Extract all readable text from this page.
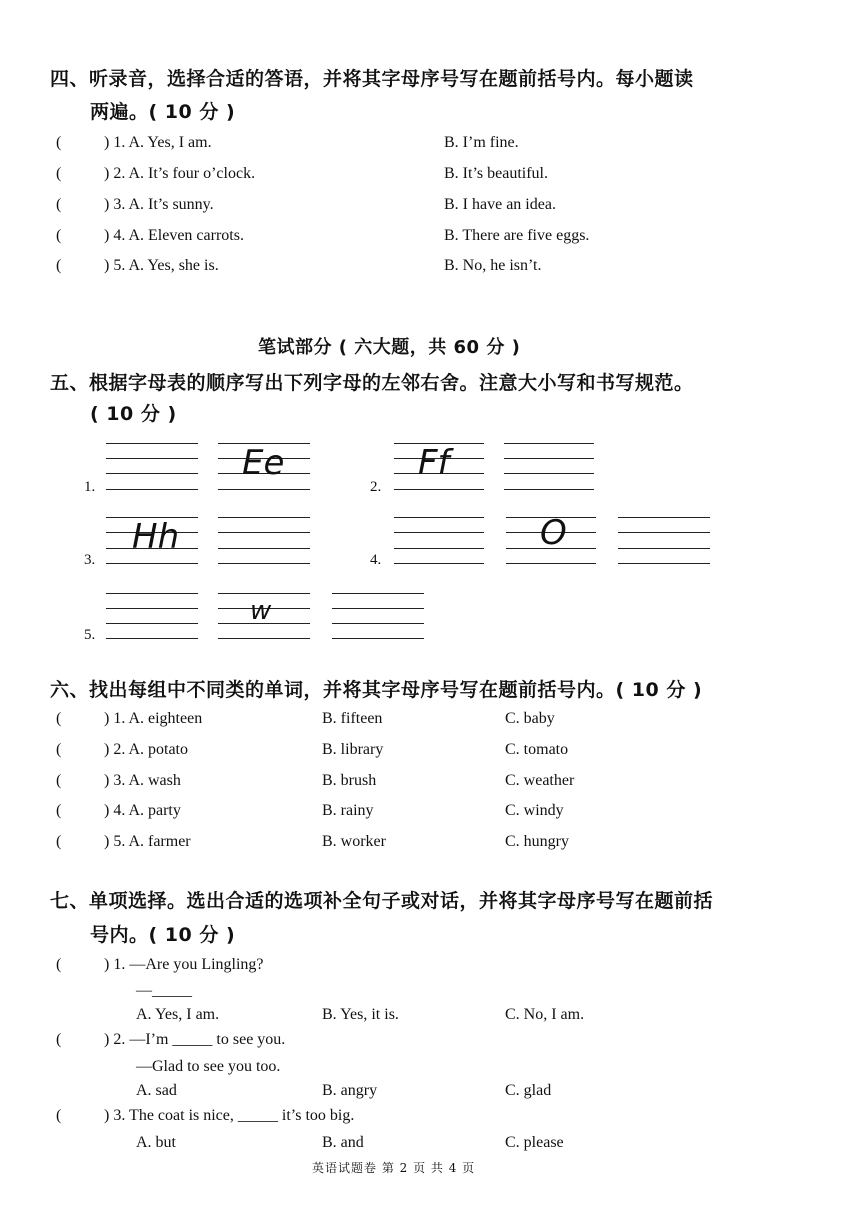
四、听录音，选择合适的答语，并将其字母序号写在题前括号内。每小题读
两遍。( 10 分 )
(	) 1. A. Yes, I am.	B. I’m fine.
(	) 2. A. It’s four o’clock.	B. It’s beautiful.
(	) 3. A. It’s sunny.	B. I have an idea.
(	) 4. A. Eleven carrots.	B. There are five eggs.
(	) 5. A. Yes, she is.	B. No, he isn’t.
笔试部分 ( 六大题，共 60 分 )
五、根据字母表的顺序写出下列字母的左邻右舍。注意大小写和书写规范。
( 10 分 )
1.
Ee
2.
Ff
3.
Hh
4.
O
5.
w
六、找出每组中不同类的单词，并将其字母序号写在题前括号内。( 10 分 )
(	) 1. A. eighteen	B. fifteen	C. baby
(	) 2. A. potato	B. library	C. tomato
(	) 3. A. wash	B. brush	C. weather
(	) 4. A. party	B. rainy	C. windy
(	) 5. A. farmer	B. worker	C. hungry
七、单项选择。选出合适的选项补全句子或对话，并将其字母序号写在题前括
号内。( 10 分 )
(	) 1. —Are you Lingling?
—_____
A. Yes, I am.	B. Yes, it is.	C. No, I am.
(	) 2. —I’m _____ to see you.
—Glad to see you too.
A. sad	B. angry	C. glad
(	) 3. The coat is nice, _____ it’s too big.
A. but	B. and	C. please
英语试题卷 第 2 页 共 4 页
